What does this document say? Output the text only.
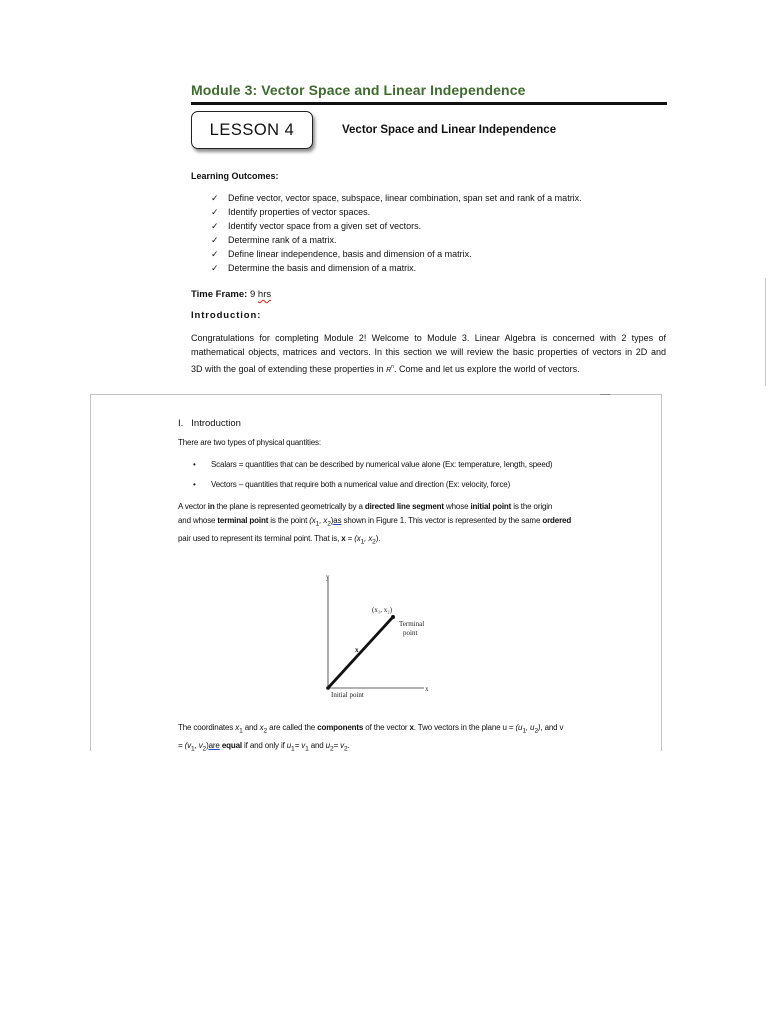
Module 3: Vector Space and Linear Independence
LESSON 4	Vector Space and Linear Independence
Learning Outcomes:
✓	Define vector, vector space, subspace, linear combination, span set and rank of a matrix.
✓	Identify properties of vector spaces.
✓	Identify vector space from a given set of vectors.
✓	Determine rank of a matrix.
✓	Define linear independence, basis and dimension of a matrix.
✓	Determine the basis and dimension of a matrix.
Time Frame: 9 hrs
Introduction:
Congratulations for completing Module 2! Welcome to Module 3. Linear Algebra is concerned with 2 types of
mathematical objects, matrices and vectors. In this section we will review the basic properties of vectors in 2D and
3D with the goal of extending these properties in $R^n$. Come and let us explore the world of vectors.
I. Introduction
There are two types of physical quantities:
• Scalars = quantities that can be described by numerical value alone (Ex: temperature, length, speed)
• Vectors – quantities that require both a numerical value and direction (Ex: velocity, force)
A vector in the plane is represented geometrically by a directed line segment whose initial point is the origin
and whose terminal point is the point ($x_1$, $x_2)as$ shown in Figure 1. This vector is represented by the same ordered
pair used to represent its terminal point. That is, $x = (x_1$, $x_2$).
y
x
(x₁, x₂)
Terminal
point
x
Initial point
The coordinates $x_1$ and $x_2$ are called the components of the vector x. Two vectors in the plane $u = (u_1$, $u_2$), and v
= ($v_1$, $v_2)are$ equal if and only if $u_1= v_1$ and $u_2= v_2$.
